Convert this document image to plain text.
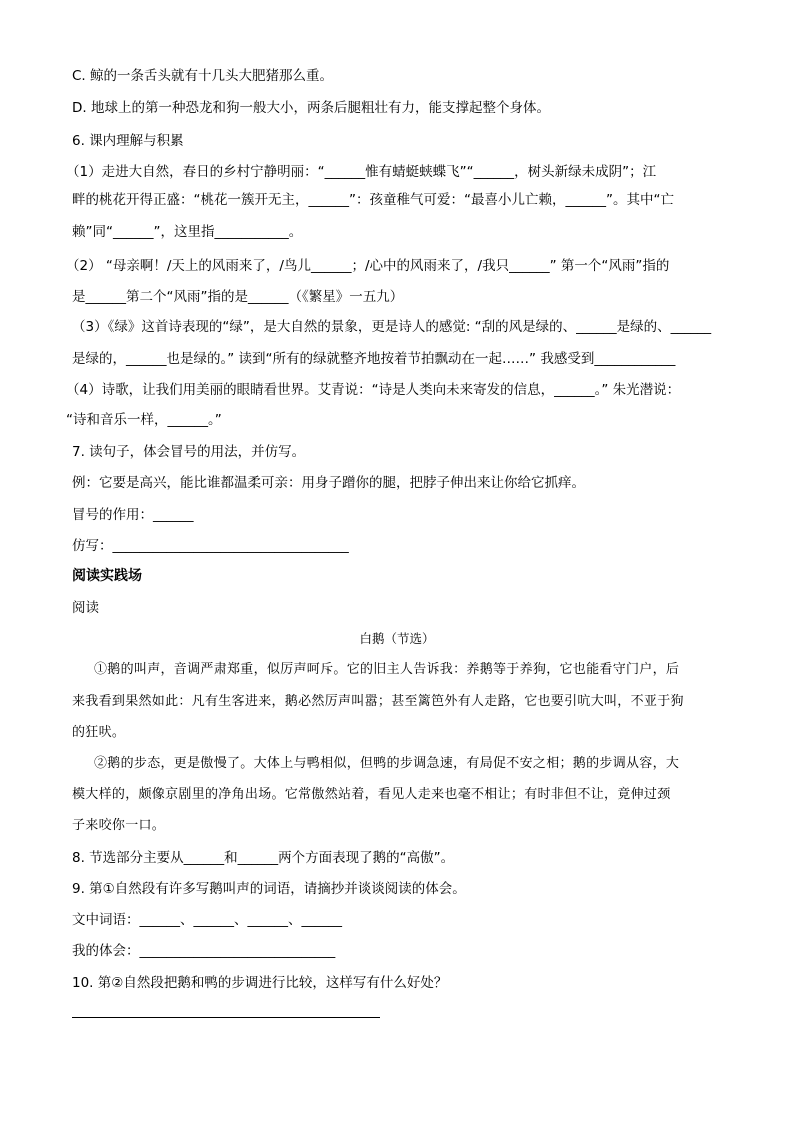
C. 鲸的一条舌头就有十几头大肥猪那么重。
D. 地球上的第一种恐龙和狗一般大小，两条后腿粗壮有力，能支撑起整个身体。
6. 课内理解与积累
（1）走进大自然，春日的乡村宁静明丽：“______惟有蜻蜓蛱蝶飞”“______，树头新绿未成阴”；江
畔的桃花开得正盛：“桃花一簇开无主，______”：孩童稚气可爱：“最喜小儿亡赖，______”。其中“亡
赖”同“______”，这里指___________。
（2） “母亲啊！/天上的风雨来了，/鸟儿______；/心中的风雨来了，/我只______” 第一个“风雨”指的
是______第二个“风雨”指的是______（《繁星》一五九）
（3）《绿》这首诗表现的“绿”，是大自然的景象，更是诗人的感觉: “刮的风是绿的、______是绿的、______
是绿的，______也是绿的。” 读到“所有的绿就整齐地按着节拍飘动在一起……” 我感受到____________
（4）诗歌，让我们用美丽的眼睛看世界。艾青说：“诗是人类向未来寄发的信息，______。” 朱光潜说：
“诗和音乐一样，______。”
7. 读句子，体会冒号的用法，并仿写。
例：它要是高兴，能比谁都温柔可亲：用身子蹭你的腿，把脖子伸出来让你给它抓痒。
冒号的作用：______
仿写：___________________________________
阅读实践场
阅读
白鹅（节选）
①鹅的叫声，音调严肃郑重，似厉声呵斥。它的旧主人告诉我：养鹅等于养狗，它也能看守门户，后
来我看到果然如此：凡有生客进来，鹅必然厉声叫嚣；甚至篱笆外有人走路，它也要引吭大叫，不亚于狗
的狂吠。
②鹅的步态，更是傲慢了。大体上与鸭相似，但鸭的步调急速，有局促不安之相；鹅的步调从容，大
模大样的，颇像京剧里的净角出场。它常傲然站着，看见人走来也毫不相让；有时非但不让，竟伸过颈
子来咬你一口。
8. 节选部分主要从______和______两个方面表现了鹅的“高傲”。
9. 第①自然段有许多写鹅叫声的词语，请摘抄并谈谈阅读的体会。
文中词语：______、______、______、______
我的体会：_____________________________
10. 第②自然段把鹅和鸭的步调进行比较，这样写有什么好处？
